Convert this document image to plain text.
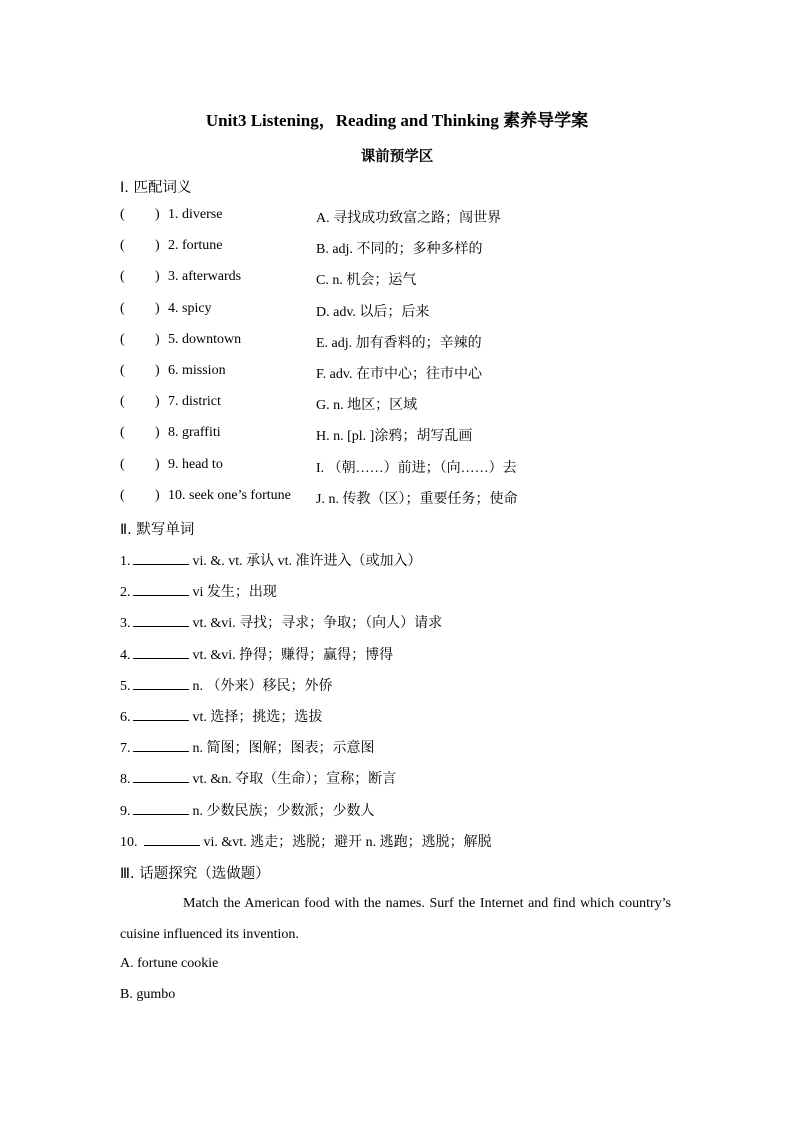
Unit3 Listening，Reading and Thinking 素养导学案
课前预学区
I. 匹配词义
( ) 1. diverse	A. 寻找成功致富之路；闯世界
( ) 2. fortune	B. adj. 不同的；多种多样的
( ) 3. afterwards	C. n. 机会；运气
( ) 4. spicy	D. adv. 以后；后来
( ) 5. downtown	E. adj. 加有香料的；辛辣的
( ) 6. mission	F. adv. 在市中心；往市中心
( ) 7. district	G. n. 地区；区域
( ) 8. graffiti	H. n. [pl. ]涂鸦；胡写乱画
( ) 9. head to	I. （朝……）前进；（向……）去
( ) 10. seek one’s fortune J. n. 传教（区）；重要任务；使命
Ⅱ. 默写单词
1.	vi. &. vt. 承认 vt. 准许进入（或加入）
2.	vi 发生；出现
3.	vt. &vi. 寻找；寻求；争取；（向人）请求
4.	vt. &vi. 挣得；赚得；赢得；博得
5.	n. （外来）移民；外侨
6.	vt. 选择；挑选；选拔
7.	n. 简图；图解；图表；示意图
8.	vt. &n. 夺取（生命）；宣称；断言
9.	n. 少数民族；少数派；少数人
10.	vi. &vt. 逃走；逃脱；避开 n. 逃跑；逃脱；解脱
Ⅲ. 话题探究（选做题）
Match the American food with the names. Surf the Internet and find which country’s cuisine influenced its invention.
A. fortune cookie
B. gumbo
